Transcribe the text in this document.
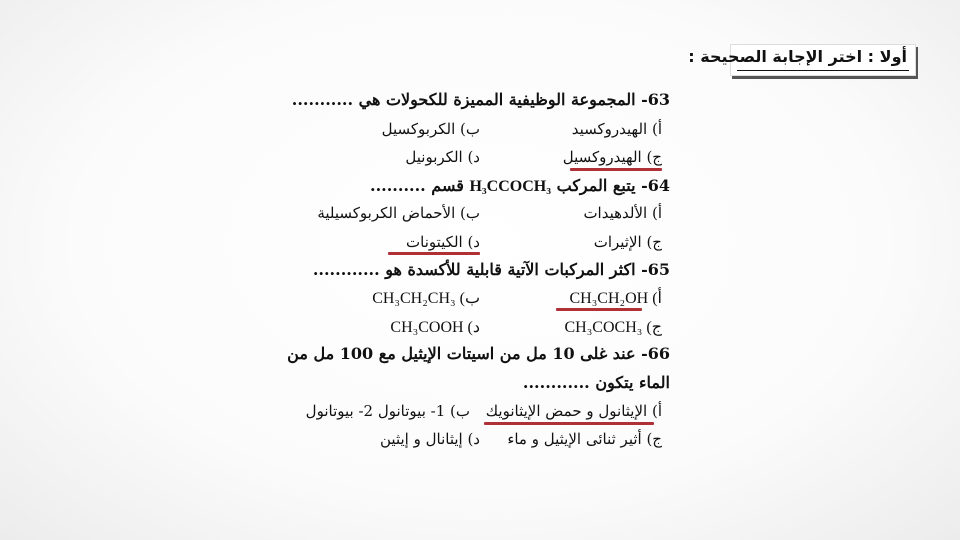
أولا : اختر الإجابة الصحيحة :
63- المجموعة الوظيفية المميزة للكحولات هي ...........
أ) الهيدروكسيد
ب) الكربوكسيل
ج) الهيدروكسيل
د) الكربونيل
64- يتبع المركب H₃CCOCH₃ قسم ..........
أ) الألدهيدات
ب) الأحماض الكربوكسيلية
ج) الإثيرات
د) الكيتونات
65- اكثر المركبات الآتية قابلية للأكسدة هو ............
أ) CH₃CH₂OH
ب) CH₃CH₂CH₃
ج) CH₃COCH₃
د) CH₃COOH
66- عند غلى 10 مل من اسيتات الإيثيل مع 100 مل من
الماء يتكون ............
أ) الإيثانول و حمض الإيثانويك
ب) 1- بيوتانول 2- بيوتانول
ج) أثير ثنائى الإيثيل و ماء
د) إيثانال و إيثين
